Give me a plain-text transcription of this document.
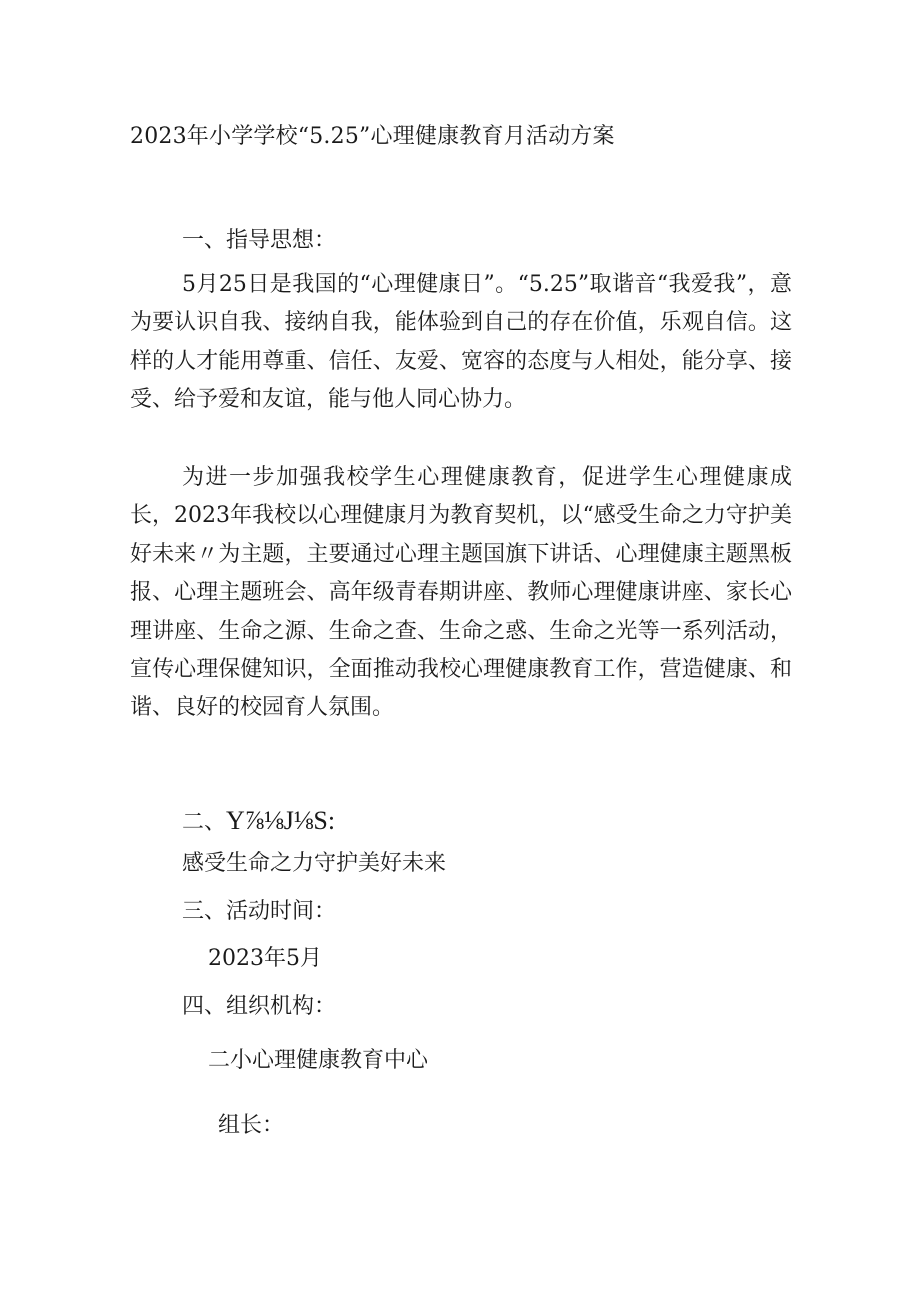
2023年小学学校“5.25”心理健康教育月活动方案
一、指导思想：

5月25日是我国的“心理健康日”。“5.25”取谐音“我爱我”，意为要认识自我、接纳自我，能体验到自己的存在价值，乐观自信。这样的人才能用尊重、信任、友爱、宽容的态度与人相处，能分享、接受、给予爱和友谊，能与他人同心协力。

为进一步加强我校学生心理健康教育，促进学生心理健康成长，2023年我校以心理健康月为教育契机，以“感受生命之力守护美好未来〃为主题，主要通过心理主题国旗下讲话、心理健康主题黑板报、心理主题班会、高年级青春期讲座、教师心理健康讲座、家长心理讲座、生命之源、生命之查、生命之惑、生命之光等一系列活动，宣传心理保健知识，全面推动我校心理健康教育工作，营造健康、和谐、良好的校园育人氛围。

二、Y⅞⅛J⅛S:
感受生命之力守护美好未来
三、活动时间：
2023年5月
四、组织机构：
二小心理健康教育中心
组长：
